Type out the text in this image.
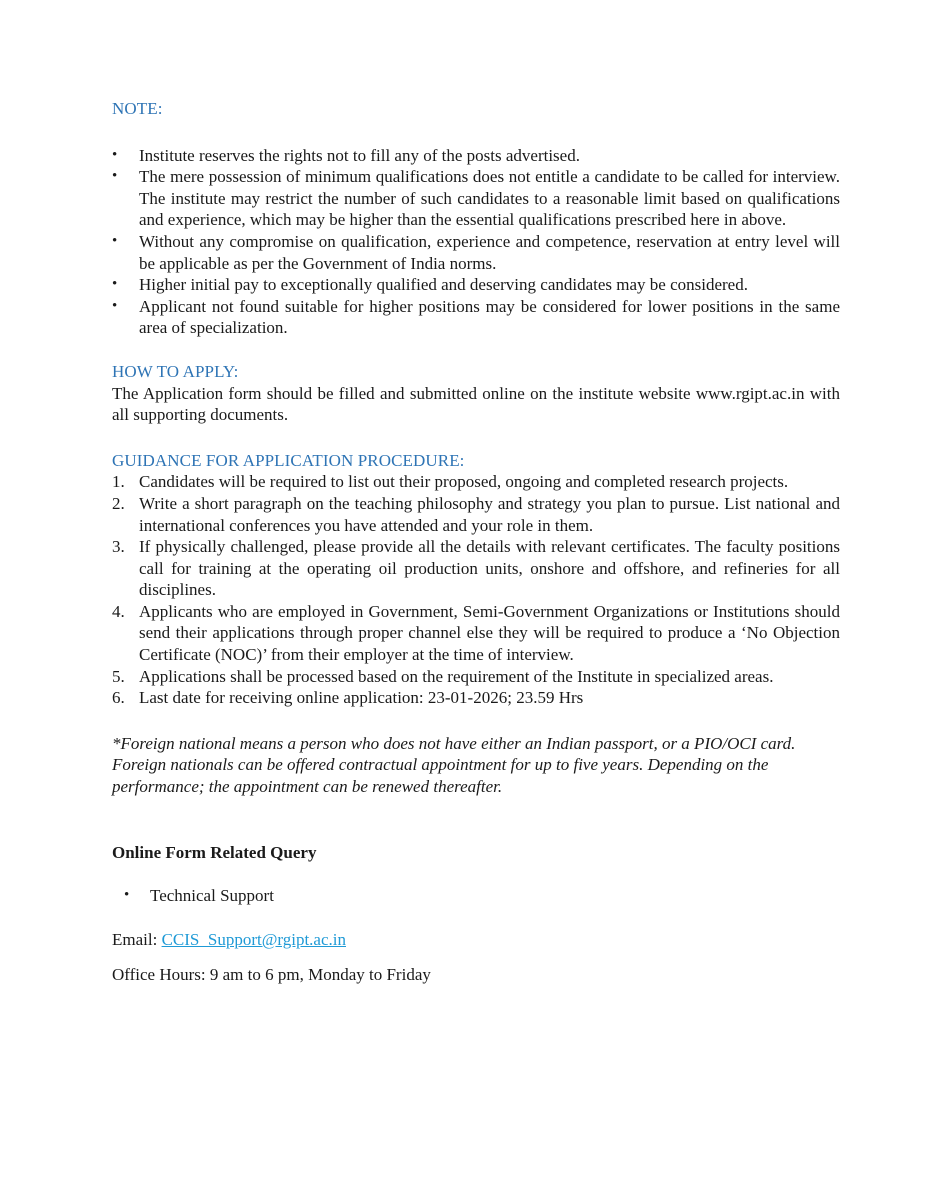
NOTE:

• Institute reserves the rights not to fill any of the posts advertised.
• The mere possession of minimum qualifications does not entitle a candidate to be called for interview. The institute may restrict the number of such candidates to a reasonable limit based on qualifications and experience, which may be higher than the essential qualifications prescribed here in above.
• Without any compromise on qualification, experience and competence, reservation at entry level will be applicable as per the Government of India norms.
• Higher initial pay to exceptionally qualified and deserving candidates may be considered.
• Applicant not found suitable for higher positions may be considered for lower positions in the same area of specialization.

HOW TO APPLY:

The Application form should be filled and submitted online on the institute website www.rgipt.ac.in with all supporting documents.

GUIDANCE FOR APPLICATION PROCEDURE:

1. Candidates will be required to list out their proposed, ongoing and completed research projects.
2. Write a short paragraph on the teaching philosophy and strategy you plan to pursue. List national and international conferences you have attended and your role in them.
3. If physically challenged, please provide all the details with relevant certificates. The faculty positions call for training at the operating oil production units, onshore and offshore, and refineries for all disciplines.
4. Applicants who are employed in Government, Semi-Government Organizations or Institutions should send their applications through proper channel else they will be required to produce a ‘No Objection Certificate (NOC)’ from their employer at the time of interview.
5. Applications shall be processed based on the requirement of the Institute in specialized areas.
6. Last date for receiving online application: 23-01-2026; 23.59 Hrs

*Foreign national means a person who does not have either an Indian passport, or a PIO/OCI card. Foreign nationals can be offered contractual appointment for up to five years. Depending on the performance; the appointment can be renewed thereafter.

Online Form Related Query

• Technical Support

Email: CCIS_Support@rgipt.ac.in

Office Hours: 9 am to 6 pm, Monday to Friday
